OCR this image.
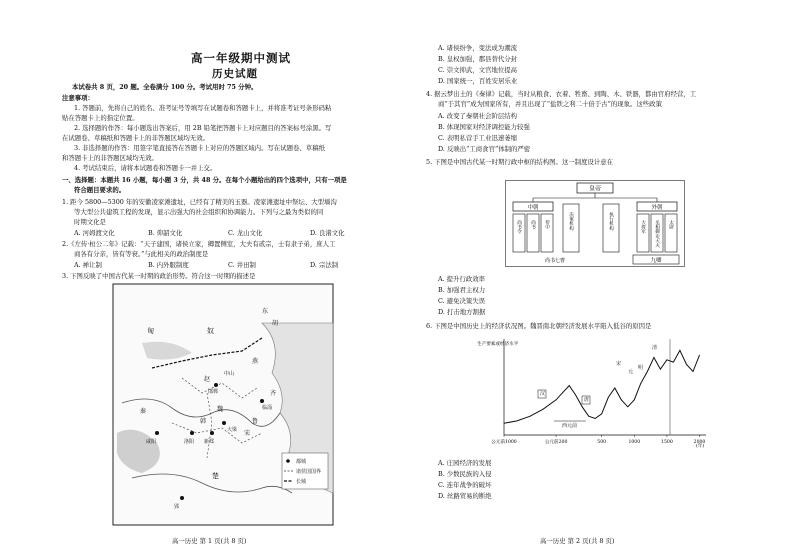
高一年级期中测试
历史试题
本试卷共 8 页，20 题。全卷满分 100 分。考试用时 75 分钟。
注意事项：
1. 答题前，先将自己的姓名、准考证号等填写在试题卷和答题卡上，并将准考证号条形码粘
贴在答题卡上的指定位置。
2. 选择题的作答：每小题选出答案后，用 2B 铅笔把答题卡上对应题目的答案标号涂黑。写
在试题卷、草稿纸和答题卡上的非答题区域均无效。
3. 非选择题的作答：用签字笔直接答在答题卡上对应的答题区域内。写在试题卷、草稿纸
和答题卡上的非答题区域均无效。
4. 考试结束后，请将本试题卷和答题卡一并上交。
一、选择题：本题共 16 小题，每小题 3 分，共 48 分。在每个小题给出的四个选项中，只有一项是
符合题目要求的。
1. 距今 5800—5300 年的安徽凌家滩遗址，已经有了精美的玉器。凌家滩遗址中祭坛、大型墙沟
等大型公共建筑工程的发现，显示出强大的社会组织和协调能力。下列与之最为类似的同
时期文化是
A. 河姆渡文化	B. 仰韶文化	C. 龙山文化	D. 良渚文化
2.《左传·桓公二年》记载：“天子建国，诸侯立家，卿置侧室，大夫有贰宗，士有隶子弟，庶人工
商各有分亲，皆有等衰。”与此相关的政治制度是
A. 禅让制	B. 内外服制度	C. 井田制	D. 宗法制
3. 下图反映了中国古代某一时期的政治形势。符合这一时期的描述是
匈	奴
东
胡
燕
中山
赵
邯郸	齐
临淄
鲁
宋
魏
大梁
韩
新郑
秦
咸阳	洛阳
楚
郢
都城
诸侯国国界
长城
高一历史 第 1 页(共 8 页)
A. 诸侯纷争，变法成为潮流
B. 皇权加强，郡县替代分封
C. 崇文抑武，文官地位提高
D. 国家统一，百姓安居乐业
4. 据云梦出土的《秦律》记载，当时从粮食、衣着、牲畜、到陶、木、铁器，都由官府经营，工
商“于其官”成为国家所有，并且出现了“盐铁之利二十倍于古”的现象。这些政策
A. 改变了秦朝社会阶层结构
B. 体现国家对经济调控能力较强
C. 表明私营手工业迅速萎缩
D. 反映出“工商食官”体制的严密
5. 下图是中国古代某一时期行政中枢的结构图。这一制度设计意在
皇帝
中朝	外朝
尚书令 尚书 侍中	决策机构	执行机构	大将军 丞相御史大夫 太尉
尚书七曹	九卿
A. 提升行政效率
B. 加强君主权力
C. 避免决策失误
D. 打击地方割据
6. 下图是中国历史上的经济状况图。魏晋南北朝经济发展水平陷入低谷的原因是
生产要素或经济水平
(年)
公元前1000	公元前200	500	1000	1500	2000
汉
唐
宋
元
明
清
西元前
A. 庄园经济的发展
B. 少数民族的入侵
C. 连年战争的破坏
D. 丝路贸易的断绝
高一历史 第 2 页(共 8 页)
